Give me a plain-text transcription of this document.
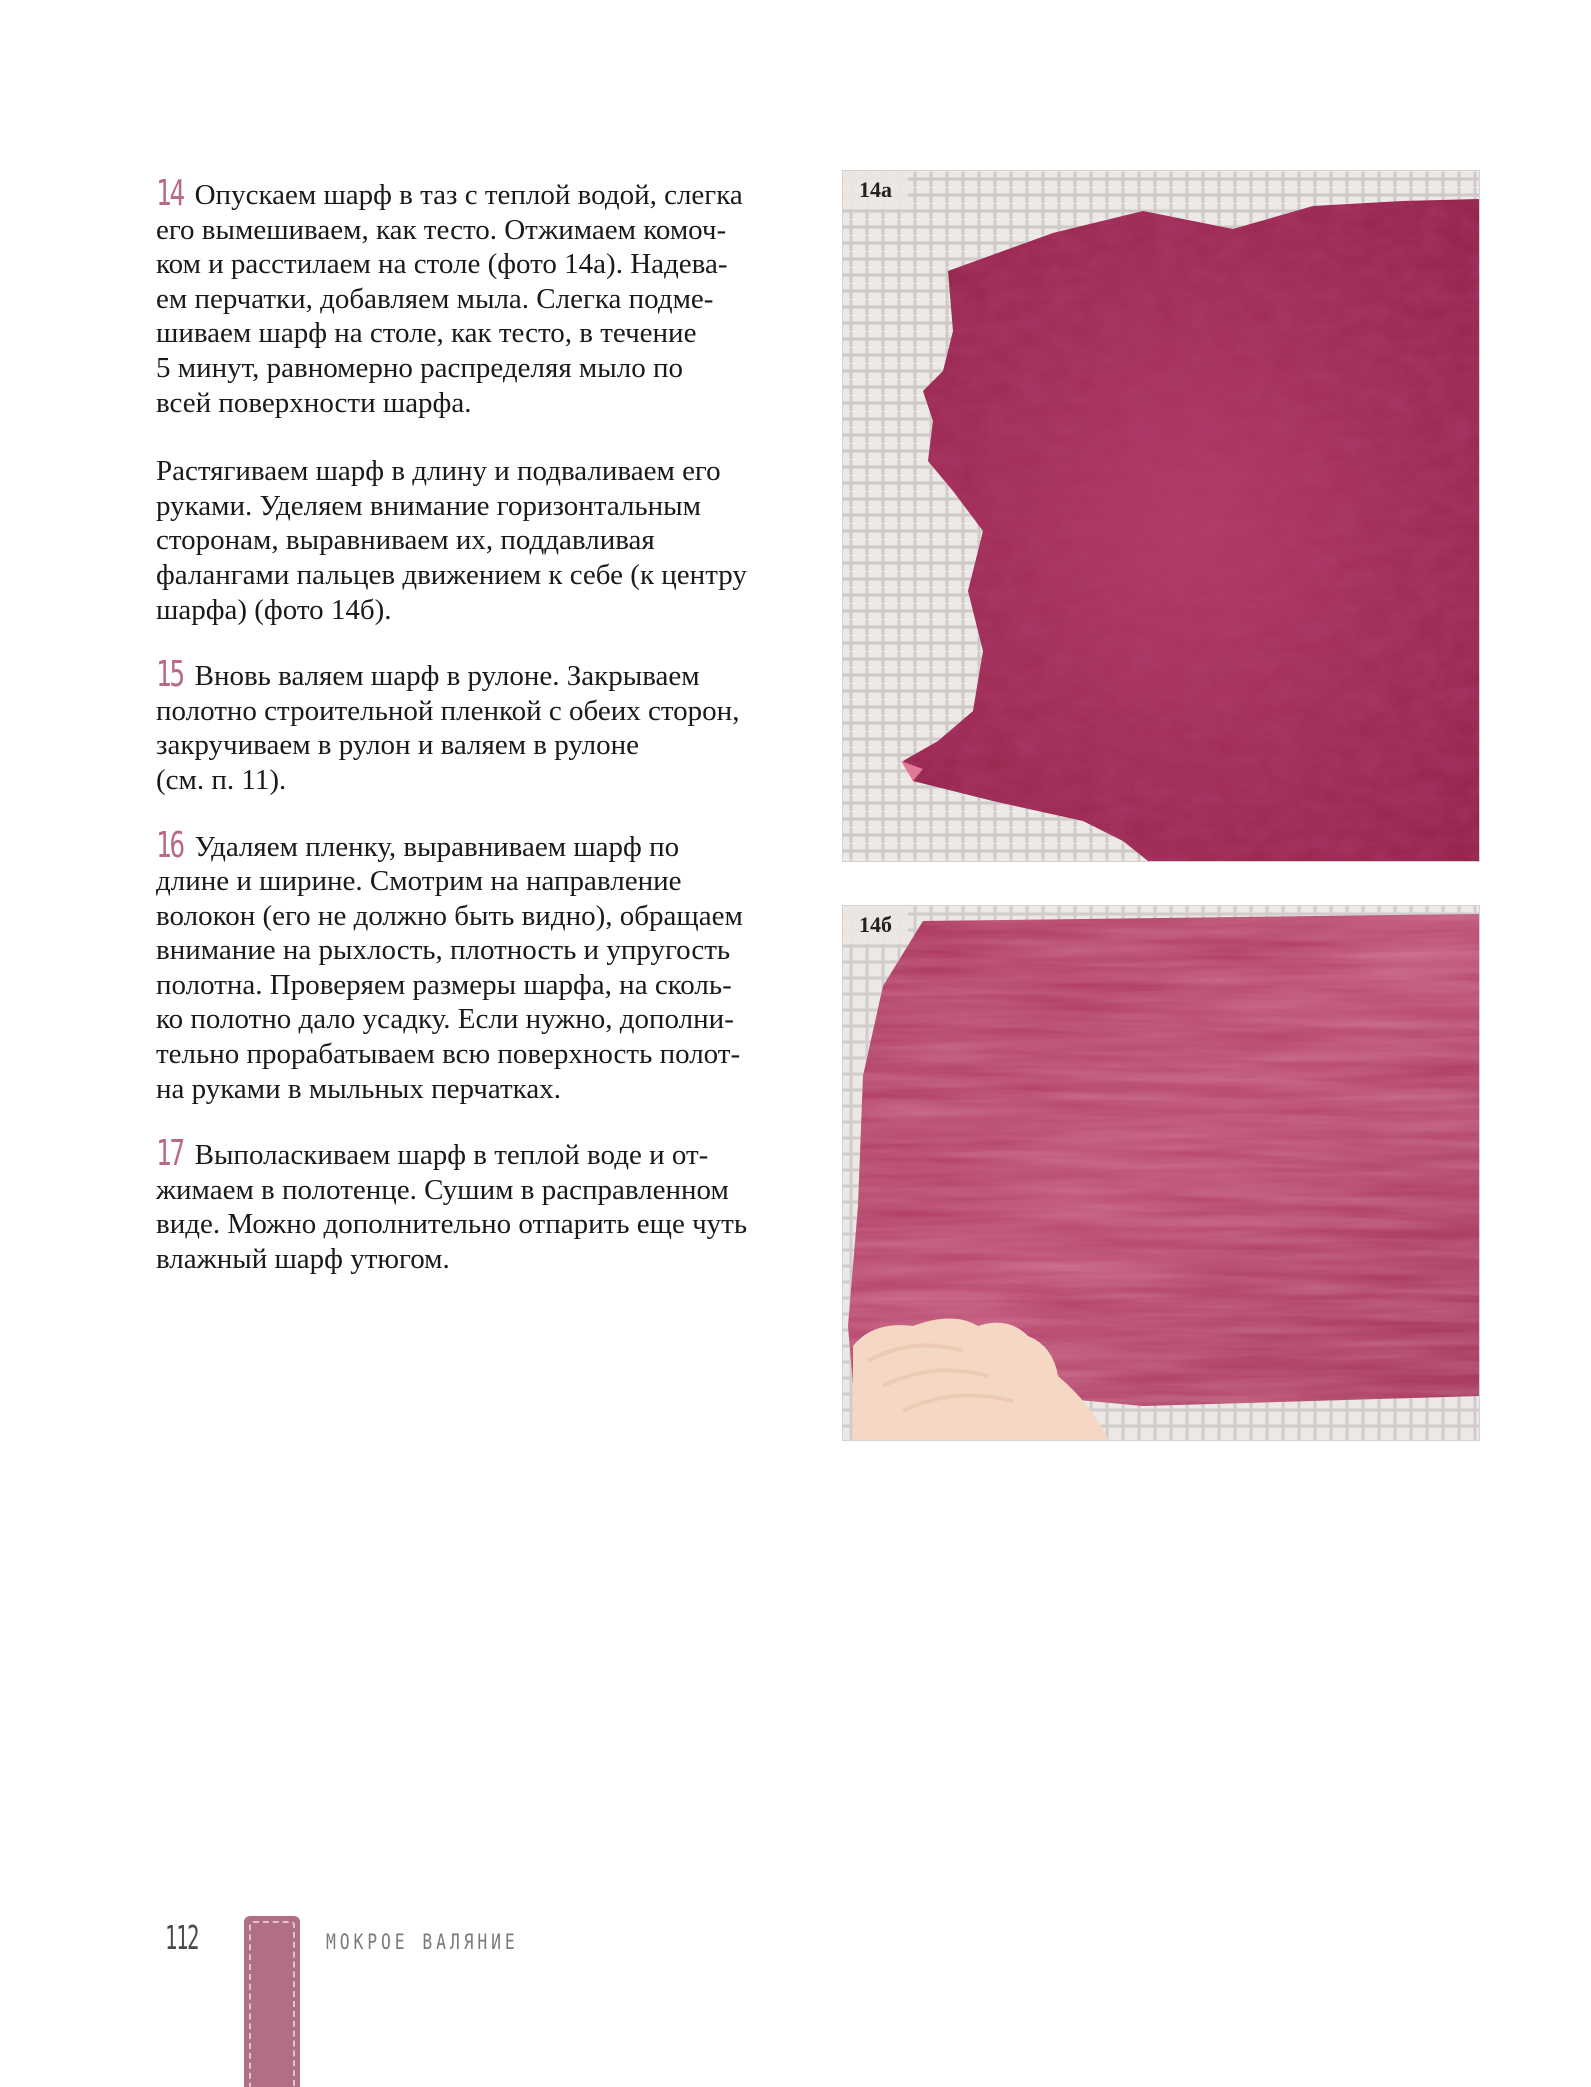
14 Опускаем шарф в таз с теплой водой, слегка
его вымешиваем, как тесто. Отжимаем комоч-
ком и расстилаем на столе (фото 14а). Надева-
ем перчатки, добавляем мыла. Слегка подме-
шиваем шарф на столе, как тесто, в течение
5 минут, равномерно распределяя мыло по
всей поверхности шарфа.

Растягиваем шарф в длину и подваливаем его
руками. Уделяем внимание горизонтальным
сторонам, выравниваем их, поддавливая
фалангами пальцев движением к себе (к центру
шарфа) (фото 14б).

15 Вновь валяем шарф в рулоне. Закрываем
полотно строительной пленкой с обеих сторон,
закручиваем в рулон и валяем в рулоне
(см. п. 11).

16 Удаляем пленку, выравниваем шарф по
длине и ширине. Смотрим на направление
волокон (его не должно быть видно), обращаем
внимание на рыхлость, плотность и упругость
полотна. Проверяем размеры шарфа, на сколь-
ко полотно дало усадку. Если нужно, дополни-
тельно прорабатываем всю поверхность полот-
на руками в мыльных перчатках.

17 Выполаскиваем шарф в теплой воде и от-
жимаем в полотенце. Сушим в расправленном
виде. Можно дополнительно отпарить еще чуть
влажный шарф утюгом.

14а
14б
112	МОКРОЕ ВАЛЯНИЕ
